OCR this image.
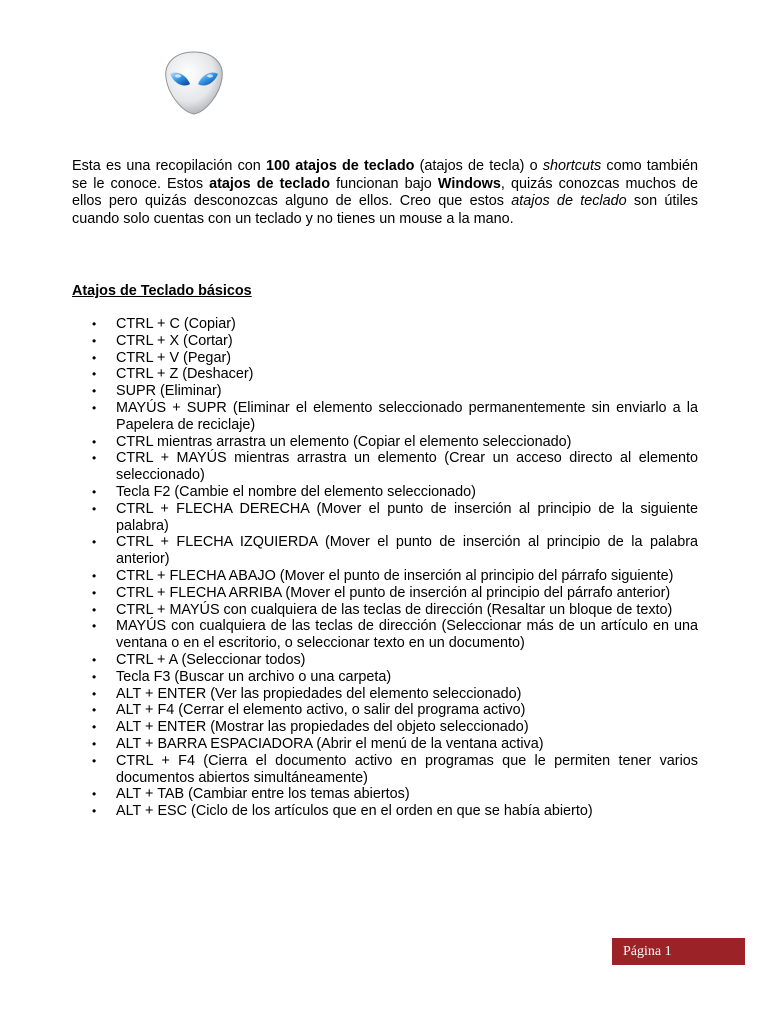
Esta es una recopilación con 100 atajos de teclado (atajos de tecla) o shortcuts como también se le conoce. Estos atajos de teclado funcionan bajo Windows, quizás conozcas muchos de ellos pero quizás desconozcas alguno de ellos. Creo que estos atajos de teclado son útiles cuando solo cuentas con un teclado y no tienes un mouse a la mano.

Atajos de Teclado básicos
• CTRL + C (Copiar)
• CTRL + X (Cortar)
• CTRL + V (Pegar)
• CTRL + Z (Deshacer)
• SUPR (Eliminar)
• MAYÚS + SUPR (Eliminar el elemento seleccionado permanentemente sin enviarlo a la Papelera de reciclaje)
• CTRL mientras arrastra un elemento (Copiar el elemento seleccionado)
• CTRL + MAYÚS mientras arrastra un elemento (Crear un acceso directo al elemento seleccionado)
• Tecla F2 (Cambie el nombre del elemento seleccionado)
• CTRL + FLECHA DERECHA (Mover el punto de inserción al principio de la siguiente palabra)
• CTRL + FLECHA IZQUIERDA (Mover el punto de inserción al principio de la palabra anterior)
• CTRL + FLECHA ABAJO (Mover el punto de inserción al principio del párrafo siguiente)
• CTRL + FLECHA ARRIBA (Mover el punto de inserción al principio del párrafo anterior)
• CTRL + MAYÚS con cualquiera de las teclas de dirección (Resaltar un bloque de texto)
• MAYÚS con cualquiera de las teclas de dirección (Seleccionar más de un artículo en una ventana o en el escritorio, o seleccionar texto en un documento)
• CTRL + A (Seleccionar todos)
• Tecla F3 (Buscar un archivo o una carpeta)
• ALT + ENTER (Ver las propiedades del elemento seleccionado)
• ALT + F4 (Cerrar el elemento activo, o salir del programa activo)
• ALT + ENTER (Mostrar las propiedades del objeto seleccionado)
• ALT + BARRA ESPACIADORA (Abrir el menú de la ventana activa)
• CTRL + F4 (Cierra el documento activo en programas que le permiten tener varios documentos abiertos simultáneamente)
• ALT + TAB (Cambiar entre los temas abiertos)
• ALT + ESC (Ciclo de los artículos que en el orden en que se había abierto)
Página 1
